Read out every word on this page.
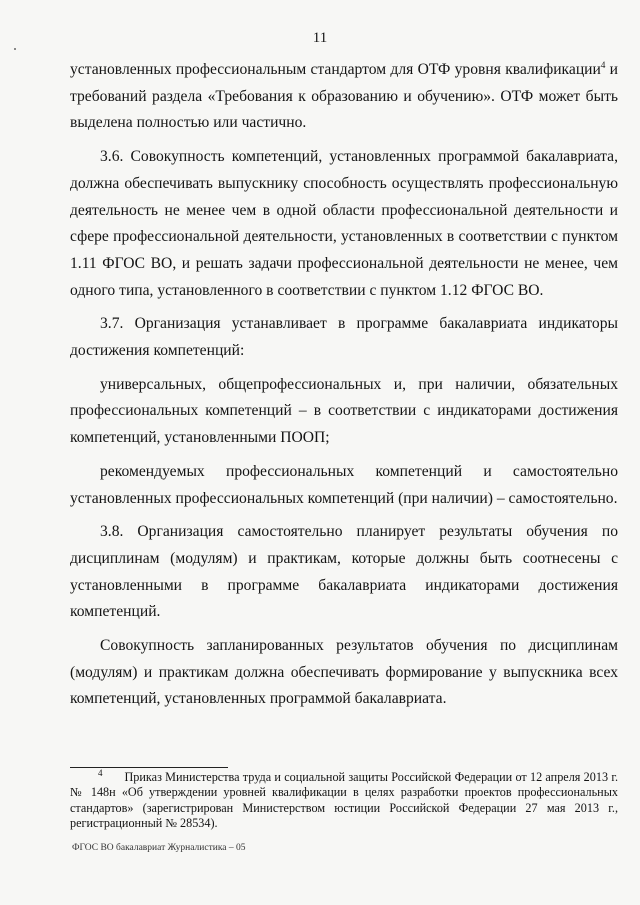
11

установленных профессиональным стандартом для ОТФ уровня квалификации$^4$ и требований раздела «Требования к образованию и обучению». ОТФ может быть выделена полностью или частично.

3.6. Совокупность компетенций, установленных программой бакалавриата, должна обеспечивать выпускнику способность осуществлять профессиональную деятельность не менее чем в одной области профессиональной деятельности и сфере профессиональной деятельности, установленных в соответствии с пунктом 1.11 ФГОС ВО, и решать задачи профессиональной деятельности не менее, чем одного типа, установленного в соответствии с пунктом 1.12 ФГОС ВО.

3.7. Организация устанавливает в программе бакалавриата индикаторы достижения компетенций:

универсальных, общепрофессиональных и, при наличии, обязательных профессиональных компетенций – в соответствии с индикаторами достижения компетенций, установленными ПООП;

рекомендуемых профессиональных компетенций и самостоятельно установленных профессиональных компетенций (при наличии) – самостоятельно.

3.8. Организация самостоятельно планирует результаты обучения по дисциплинам (модулям) и практикам, которые должны быть соотнесены с установленными в программе бакалавриата индикаторами достижения компетенций.

Совокупность запланированных результатов обучения по дисциплинам (модулям) и практикам должна обеспечивать формирование у выпускника всех компетенций, установленных программой бакалавриата.

4 Приказ Министерства труда и социальной защиты Российской Федерации от 12 апреля 2013 г. № 148н «Об утверждении уровней квалификации в целях разработки проектов профессиональных стандартов» (зарегистрирован Министерством юстиции Российской Федерации 27 мая 2013 г., регистрационный № 28534).
ФГОС ВО бакалавриат Журналистика – 05
